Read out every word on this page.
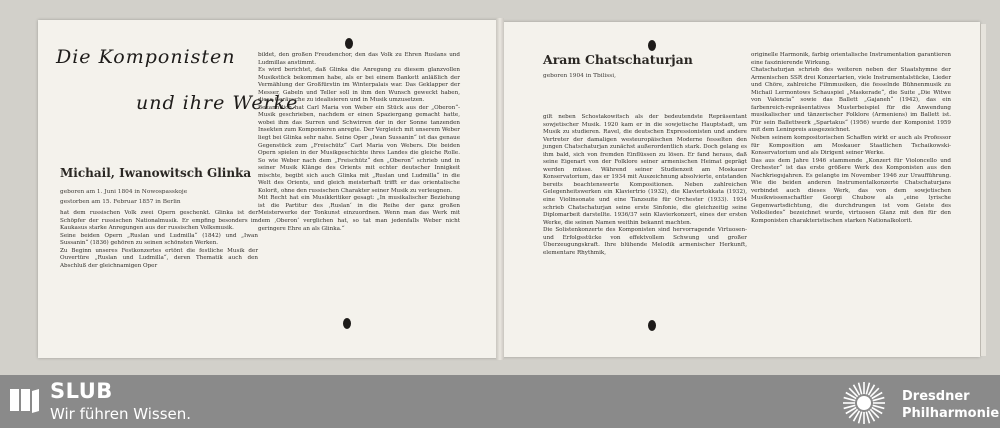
Die Komponisten
und ihre Werke
Michail, Iwanowitsch Glinka
geboren am 1. Juni 1804 in Nowospasskoje
gestorben am 15. Februar 1857 in Berlin

hat dem russischen Volk zwei Opern geschenkt. Glinka ist der Schöpfer der russischen Nationalmusik. Er empfing besonders im Kaukasus starke Anregungen aus der russischen Volksmusik.

Seine beiden Opern „Ruslan und Ludmilla“ (1842) und „Iwan Sussanin“ (1836) gehören zu seinen schönsten Werken.

Zu Beginn unseres Festkonzertes ertönt die festliche Musik der Ouvertüre „Ruslan und Ludmilla“, deren Thematik auch den Abschluß der gleichnamigen Oper

bildet, den großen Freudenchor, den das Volk zu Ehren Ruslans und Ludmillas anstimmt.

Es wird berichtet, daß Glinka die Anregung zu diesem glanzvollen Musikstück bekommen habe, als er bei einem Bankett anläßlich der Vermählung der Großfürstin im Winterpalais war. Das Geklapper der Messer, Gabeln und Teller soll in ihm den Wunsch geweckt haben, diese Geräusche zu idealisieren und in Musik umzusetzen.

Bekanntlich hat Carl Maria von Weber ein Stück aus der „Oberon“-Musik geschrieben, nachdem er einen Spaziergang gemacht hatte, wobei ihm das Surren und Schwirren der in der Sonne tanzenden Insekten zum Komponieren anregte. Der Vergleich mit unserem Weber liegt bei Glinka sehr nahe. Seine Oper „Iwan Sussanin“ ist das genaue Gegenstück zum „Freischütz“ Carl Maria von Webers. Die beiden Opern spielen in der Musikgeschichte ihres Landes die gleiche Rolle. So wie Weber nach dem „Freischütz“ den „Oberon“ schrieb und in seiner Musik Klänge des Orients mit echter deutscher Innigkeit mischte, begibt sich auch Glinka mit „Ruslan und Ludmilla“ in die Welt des Orients, und gleich meisterhaft trifft er das orientalische Kolorit, ohne den russischen Charakter seiner Musik zu verleugnen.

Mit Recht hat ein Musikkritiker gesagt: „In musikalischer Beziehung ist die Partitur des ‚Ruslan‘ in die Reihe der ganz großen Meisterwerke der Tonkunst einzuordnen. Wenn man das Werk mit dem ‚Oberon‘ verglichen hat, so tat man jedenfalls Weber nicht geringere Ehre an als Glinka.“

Aram Chatschaturjan
geboren 1904 in Tbilissi,

gilt neben Schostakowitsch als der bedeutendste Repräsentant sowjetischer Musik. 1920 kam er in die sowjetische Hauptstadt, um Musik zu studieren. Ravel, die deutschen Expressionisten und andere Vertreter der damaligen westeuropäischen Moderne fesselten den jungen Chatschaturjan zunächst außerordentlich stark. Doch gelang es ihm bald, sich von fremden Einflüssen zu lösen. Er fand heraus, daß seine Eigenart von der Folklore seiner armenischen Heimat geprägt werden müsse. Während seiner Studienzeit am Moskauer Konservatorium, das er 1934 mit Auszeichnung absolvierte, entstanden bereits beachtenswerte Kompositionen. Neben zahlreichen Gelegenheitswerken ein Klaviertrio (1932), die Klaviertokkata (1932), eine Violinsonate und eine Tanzsuite für Orchester (1933). 1934 schrieb Chatschaturjan seine erste Sinfonie, die gleichzeitig seine Diplomarbeit darstellte. 1936/37 sein Klavierkonzert, eines der ersten Werke, die seinen Namen weithin bekannt machten.

Die Solistenkonzerte des Komponisten sind hervorragende Virtuosen- und Erfolgsstücke von effektvollem Schwung und großer Überzeugungskraft. Ihre blühende Melodik armenischer Herkunft, elementare Rhythmik,

originelle Harmonik, farbig orientalische Instrumentation garantieren eine faszinierende Wirkung.

Chatschaturjan schrieb des weiteren neben der Staatshymne der Armenischen SSR drei Konzertarien, viele Instrumentalstücke, Lieder und Chöre, zahlreiche Filmmusiken, die fesselnde Bühnenmusik zu Michail Lermontows Schauspiel „Maskerade“, die Suite „Die Witwe von Valencia“ sowie das Ballett „Gajaneh“ (1942), das ein farbenreich-repräsentatives Musterbeispiel für die Anwendung musikalischer und tänzerischer Folklore (Armeniens) im Ballett ist. Für sein Ballettwerk „Spartakus“ (1956) wurde der Komponist 1959 mit dem Leninpreis ausgezeichnet.

Neben seinem kompositorischen Schaffen wirkt er auch als Professor für Komposition am Moskauer Staatlichen Tschaikowski-Konservatorium und als Dirigent seiner Werke.

Das aus dem Jahre 1946 stammende „Konzert für Violoncello und Orchester“ ist das erste größere Werk des Komponisten aus den Nachkriegsjahren. Es gelangte im November 1946 zur Uraufführung. Wie die beiden anderen Instrumentalkonzerte Chatschaturjans verbindet auch dieses Werk, das von dem sowjetischen Musikwissenschaftler Georgi Chubow als „eine lyrische Gegenwartsdichtung, die durchdrungen ist vom Geiste des Volksliedes“ bezeichnet wurde, virtuosen Glanz mit den für den Komponisten charakteristischen starken Nationalkolorit.

SLUB
Wir führen Wissen.
Dresdner
Philharmonie
